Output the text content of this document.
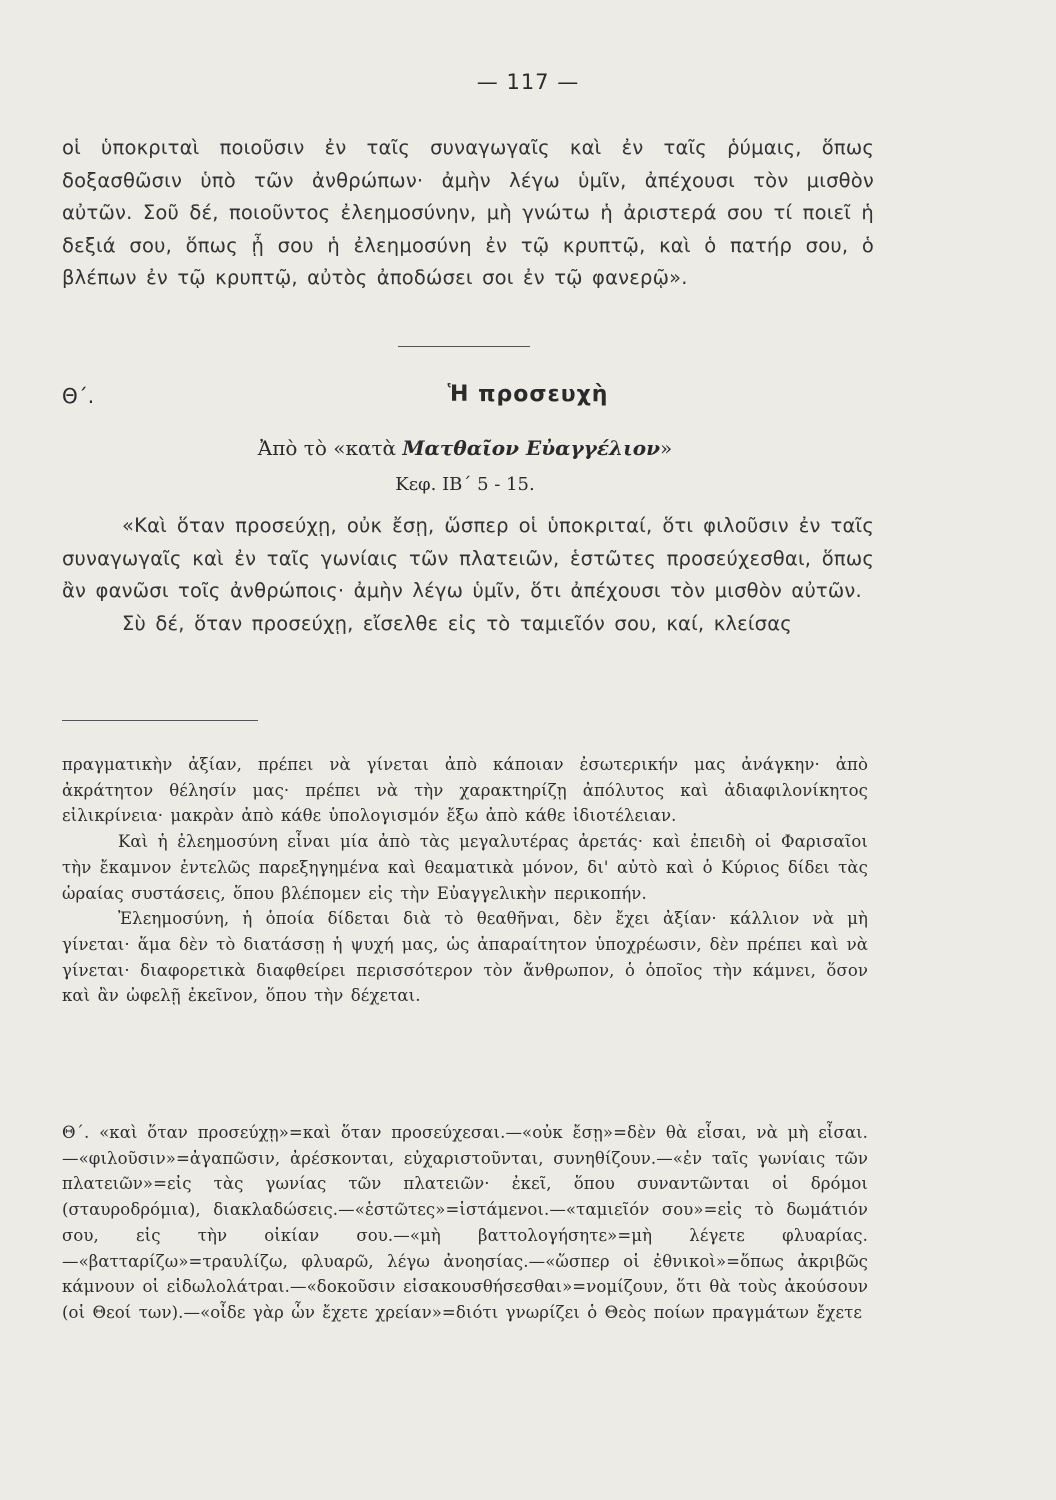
— 117 —

οἱ ὑποκριταὶ ποιοῦσιν ἐν ταῖς συναγωγαῖς καὶ ἐν ταῖς ῥύμαις, ὅπως δοξασθῶσιν ὑπὸ τῶν ἀνθρώπων· ἀμὴν λέγω ὑμῖν, ἀπέχουσι τὸν μισθὸν αὐτῶν. Σοῦ δέ, ποιοῦντος ἐλεημοσύνην, μὴ γνώτω ἡ ἀριστερά σου τί ποιεῖ ἡ δεξιά σου, ὅπως ᾖ σου ἡ ἐλεημοσύνη ἐν τῷ κρυπτῷ, καὶ ὁ πατήρ σου, ὁ βλέπων ἐν τῷ κρυπτῷ, αὐτὸς ἀποδώσει σοι ἐν τῷ φανερῷ».

Θ΄.	Ἡ προσευχὴ
Ἀπὸ τὸ «κατὰ Ματθαῖον Εὐαγγέλιον»
Κεφ. ΙΒ΄ 5 - 15.

«Καὶ ὅταν προσεύχῃ, οὐκ ἔσῃ, ὥσπερ οἱ ὑποκριταί, ὅτι φιλοῦσιν ἐν ταῖς συναγωγαῖς καὶ ἐν ταῖς γωνίαις τῶν πλατειῶν, ἑστῶτες προσεύχεσθαι, ὅπως ἂν φανῶσι τοῖς ἀνθρώποις· ἀμὴν λέγω ὑμῖν, ὅτι ἀπέχουσι τὸν μισθὸν αὐτῶν.

Σὺ δέ, ὅταν προσεύχῃ, εἴσελθε εἰς τὸ ταμιεῖόν σου, καί, κλείσας

πραγματικὴν ἀξίαν, πρέπει νὰ γίνεται ἀπὸ κάποιαν ἐσωτερικήν μας ἀνάγκην· ἀπὸ ἀκράτητον θέλησίν μας· πρέπει νὰ τὴν χαρακτηρίζῃ ἀπόλυτος καὶ ἀδιαφιλονίκητος εἰλικρίνεια· μακρὰν ἀπὸ κάθε ὑπολογισμόν ἔξω ἀπὸ κάθε ἰδιοτέλειαν.

Καὶ ἡ ἐλεημοσύνη εἶναι μία ἀπὸ τὰς μεγαλυτέρας ἀρετάς· καὶ ἐπειδὴ οἱ Φαρισαῖοι τὴν ἔκαμνον ἐντελῶς παρεξηγημένα καὶ θεαματικὰ μόνον, δι' αὐτὸ καὶ ὁ Κύριος δίδει τὰς ὡραίας συστάσεις, ὅπου βλέπομεν εἰς τὴν Εὐαγγελικὴν περικοπήν.

Ἐλεημοσύνη, ἡ ὁποία δίδεται διὰ τὸ θεαθῆναι, δὲν ἔχει ἀξίαν· κάλλιον νὰ μὴ γίνεται· ἅμα δὲν τὸ διατάσσῃ ἡ ψυχή μας, ὡς ἀπαραίτητον ὑποχρέωσιν, δὲν πρέπει καὶ νὰ γίνεται· διαφορετικὰ διαφθείρει περισσότερον τὸν ἄνθρωπον, ὁ ὁποῖος τὴν κάμνει, ὅσον καὶ ἂν ὠφελῇ ἐκεῖνον, ὅπου τὴν δέχεται.

Θ΄. «καὶ ὅταν προσεύχῃ»=καὶ ὅταν προσεύχεσαι.—«οὐκ ἔσῃ»=δὲν θὰ εἶσαι, νὰ μὴ εἶσαι.—«φιλοῦσιν»=ἀγαπῶσιν, ἀρέσκονται, εὐχαριστοῦνται, συνηθίζουν.—«ἐν ταῖς γωνίαις τῶν πλατειῶν»=εἰς τὰς γωνίας τῶν πλατειῶν· ἐκεῖ, ὅπου συναντῶνται οἱ δρόμοι (σταυροδρόμια), διακλαδώσεις.—«ἑστῶτες»=ἱστάμενοι.—«ταμιεῖόν σου»=εἰς τὸ δωμάτιόν σου, εἰς τὴν οἰκίαν σου.—«μὴ βαττολογήσητε»=μὴ λέγετε φλυαρίας.—«βατταρίζω»=τραυλίζω, φλυαρῶ, λέγω ἀνοησίας.—«ὥσπερ οἱ ἐθνικοὶ»=ὅπως ἀκριβῶς κάμνουν οἱ εἰδωλολάτραι.—«δοκοῦσιν εἰσακουσθήσεσθαι»=νομίζουν, ὅτι θὰ τοὺς ἀκούσουν (οἱ Θεοί των).—«οἶδε γὰρ ὧν ἔχετε χρείαν»=διότι γνωρίζει ὁ Θεὸς ποίων πραγμάτων ἔχετε
